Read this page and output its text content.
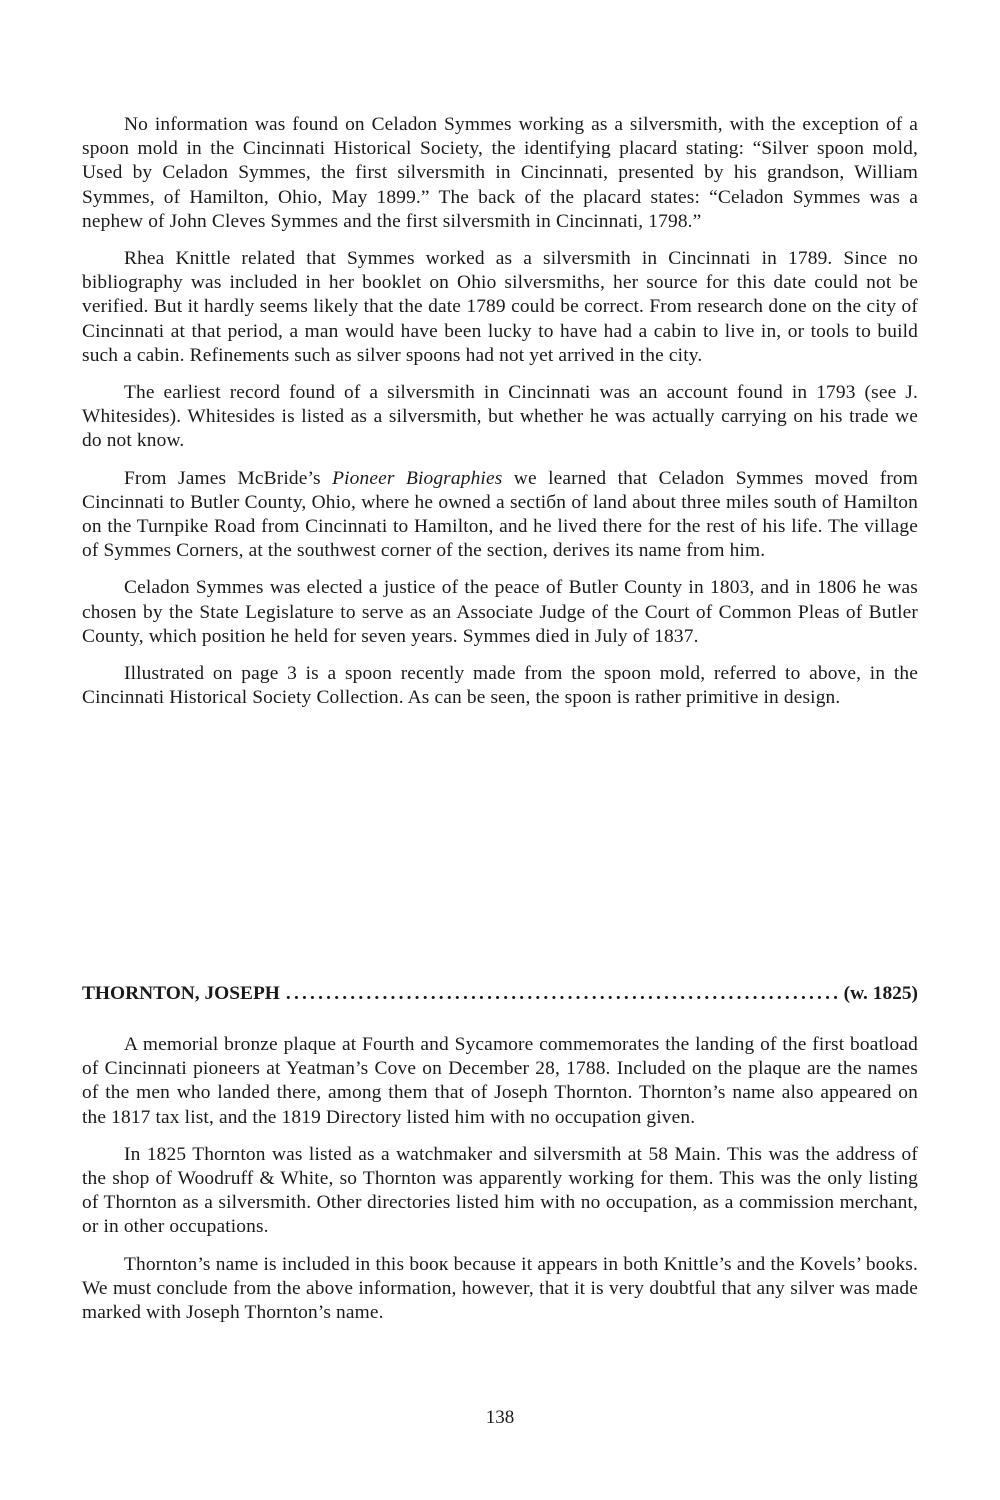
No information was found on Celadon Symmes working as a silversmith, with the exception of a spoon mold in the Cincinnati Historical Society, the identifying placard stating: “Silver spoon mold, Used by Celadon Symmes, the first silversmith in Cincinnati, presented by his grandson, William Symmes, of Hamilton, Ohio, May 1899.” The back of the placard states: “Celadon Symmes was a nephew of John Cleves Symmes and the first silversmith in Cincinnati, 1798.”

Rhea Knittle related that Symmes worked as a silversmith in Cincinnati in 1789. Since no bibliography was included in her booklet on Ohio silversmiths, her source for this date could not be verified. But it hardly seems likely that the date 1789 could be correct. From research done on the city of Cincinnati at that period, a man would have been lucky to have had a cabin to live in, or tools to build such a cabin. Refinements such as silver spoons had not yet arrived in the city.

The earliest record found of a silversmith in Cincinnati was an account found in 1793 (see J. Whitesides). Whitesides is listed as a silversmith, but whether he was actually carrying on his trade we do not know.

From James McBride’s Pioneer Biographies we learned that Celadon Symmes moved from Cincinnati to Butler County, Ohio, where he owned a sectiбn of land about three miles south of Hamilton on the Turnpike Road from Cincinnati to Hamilton, and he lived there for the rest of his life. The village of Symmes Corners, at the southwest corner of the section, derives its name from him.

Celadon Symmes was elected a justice of the peace of Butler County in 1803, and in 1806 he was chosen by the State Legislature to serve as an Associate Judge of the Court of Common Pleas of Butler County, which position he held for seven years. Symmes died in July of 1837.

Illustrated on page 3 is a spoon recently made from the spoon mold, referred to above, in the Cincinnati Historical Society Collection. As can be seen, the spoon is rather primitive in design.

THORNTON, JOSEPH
.....	(w. 1825)

A memorial bronze plaque at Fourth and Sycamore commemorates the landing of the first boatload of Cincinnati pioneers at Yeatman’s Cove on December 28, 1788. Included on the plaque are the names of the men who landed there, among them that of Joseph Thornton. Thornton’s name also appeared on the 1817 tax list, and the 1819 Directory listed him with no occupation given.

In 1825 Thornton was listed as a watchmaker and silversmith at 58 Main. This was the address of the shop of Woodruff & White, so Thornton was apparently working for them. This was the only listing of Thornton as a silversmith. Other directories listed him with no occupation, as a commission merchant, or in other occupations.

Thornton’s name is included in this booк because it appears in both Knittle’s and the Kovels’ books. We must conclude from the above information, however, that it is very doubtful that any silver was made marked with Joseph Thornton’s name.

138
